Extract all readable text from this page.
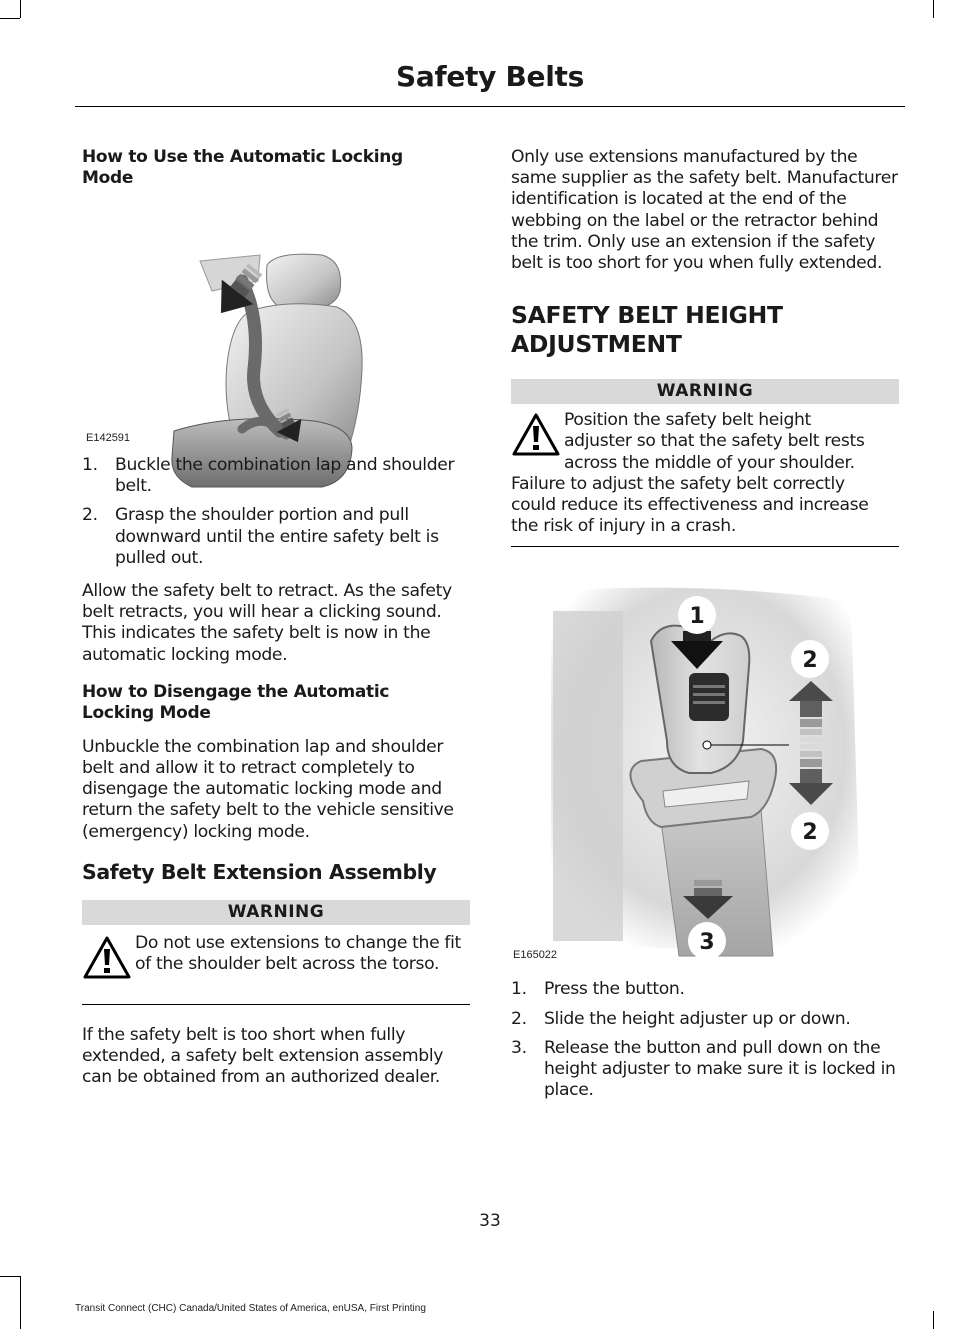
Safety Belts
How to Use the Automatic Locking Mode
E142591
1. Buckle the combination lap and shoulder belt.
2. Grasp the shoulder portion and pull downward until the entire safety belt is pulled out.

Allow the safety belt to retract. As the safety belt retracts, you will hear a clicking sound. This indicates the safety belt is now in the automatic locking mode.

How to Disengage the Automatic Locking Mode

Unbuckle the combination lap and shoulder belt and allow it to retract completely to disengage the automatic locking mode and return the safety belt to the vehicle sensitive (emergency) locking mode.

Safety Belt Extension Assembly
WARNING

Do not use extensions to change the fit of the shoulder belt across the torso.

If the safety belt is too short when fully extended, a safety belt extension assembly can be obtained from an authorized dealer.

Only use extensions manufactured by the same supplier as the safety belt. Manufacturer identification is located at the end of the webbing on the label or the retractor behind the trim. Only use an extension if the safety belt is too short for you when fully extended.

SAFETY BELT HEIGHT
ADJUSTMENT
WARNING
Position the safety belt height
adjuster so that the safety belt rests
across the middle of your shoulder.
Failure to adjust the safety belt correctly
could reduce its effectiveness and increase
the risk of injury in a crash.
1
2
2
3
E165022
1. Press the button.
2. Slide the height adjuster up or down.
3. Release the button and pull down on the height adjuster to make sure it is locked in place.
33
Transit Connect (CHC) Canada/United States of America, enUSA, First Printing
